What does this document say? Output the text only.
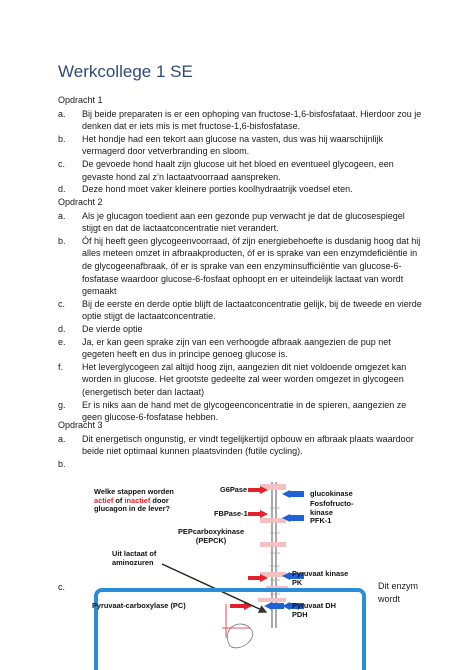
Werkcollege 1 SE
Opdracht 1
a. Bij beide preparaten is er een ophoping van fructose-1,6-bisfosfataat. Hierdoor zou je denken dat er iets mis is met fructose-1,6-bisfosfatase.
b. Het hondje had een tekort aan glucose na vasten, dus was hij waarschijnlijk vermagerd door vetverbranding en sloom.
c. De gevoede hond haalt zijn glucose uit het bloed en eventueel glycogeen, een gevaste hond zal z’n lactaatvoorraad aanspreken.
d. Deze hond moet vaker kleinere porties koolhydraatrijk voedsel eten.
Opdracht 2
a. Als je glucagon toedient aan een gezonde pup verwacht je dat de glucosespiegel stijgt en dat de lactaatconcentratie niet verandert.
b. Óf hij heeft geen glycogeenvoorraad, óf zijn energiebehoefte is dusdanig hoog dat hij alles meteen omzet in afbraakproducten, óf er is sprake van een enzymdeficiëntie in de glycogeenafbraak, óf er is sprake van een enzyminsufficiëntie van glucose-6-fosfatase waardoor glucose-6-fosfaat ophoopt en er uiteindelijk lactaat van wordt gemaakt
c. Bij de eerste en derde optie blijft de lactaatconcentratie gelijk, bij de tweede en vierde optie stijgt de lactaatconcentratie.
d. De vierde optie
e. Ja, er kan geen sprake zijn van een verhoogde afbraak aangezien de pup net gegeten heeft en dus in principe genoeg glucose is.
f. Het leverglycogeen zal altijd hoog zijn, aangezien dit niet voldoende omgezet kan worden in glucose. Het grootste gedeelte zal weer worden omgezet in glycogeen (energetisch beter dan lactaat)
g. Er is niks aan de hand met de glycogeenconcentratie in de spieren, aangezien ze geen glucose-6-fosfatase hebben.
Opdracht 3
a. Dit energetisch ongunstig, er vindt tegelijkertijd opbouw en afbraak plaats waardoor beide niet optimaal kunnen plaatsvinden (futile cycling).
b.

c.	Dit enzym wordt
Welke stappen worden
actief of inactief door
glucagon in de lever?
G6Pase	glucokinase
FBPase-1
Fosfofructo-
kinase
PFK-1
PEPcarboxykinase
(PEPCK)
Uit lactaat of
aminozuren
Pyruvaat kinase
PK
Pyruvaat-carboxylase (PC)	Pyruvaat DH
PDH
